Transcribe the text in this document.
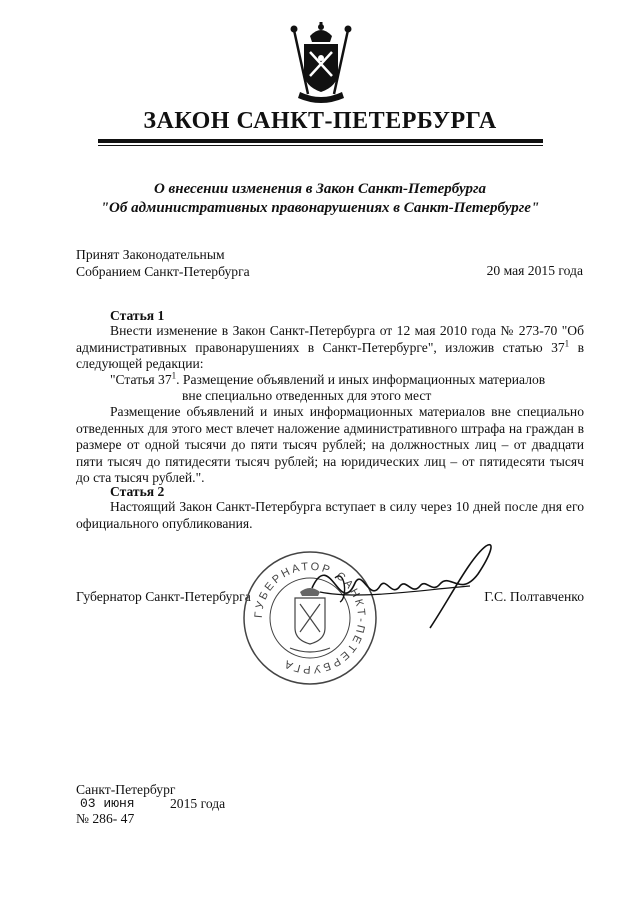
ЗАКОН САНКТ-ПЕТЕРБУРГА
О внесении изменения в Закон Санкт-Петербурга
"Об административных правонарушениях в Санкт-Петербурге"
Принят Законодательным
Собранием Санкт-Петербурга	20 мая 2015 года
Статья 1
Внести изменение в Закон Санкт-Петербурга от 12 мая 2010 года № 273-70 "Об административных правонарушениях в Санкт-Петербурге", изложив статью $37^1$ в следующей редакции:
"Статья $37^1$. Размещение объявлений и иных информационных материалов
вне специально отведенных для этого мест
Размещение объявлений и иных информационных материалов вне специально отведенных для этого мест влечет наложение административного штрафа на граждан в размере от одной тысячи до пяти тысяч рублей; на должностных лиц – от двадцати пяти тысяч до пятидесяти тысяч рублей; на юридических лиц – от пятидесяти тысяч до ста тысяч рублей.".
Статья 2
Настоящий Закон Санкт-Петербурга вступает в силу через 10 дней после дня его официального опубликования.
Губернатор Санкт-Петербурга	Г.С. Полтавченко
ГУБЕРНАТОР САНКТ-ПЕТЕРБУРГА
Санкт-Петербург
03 июня	2015 года
№ 286- 47
